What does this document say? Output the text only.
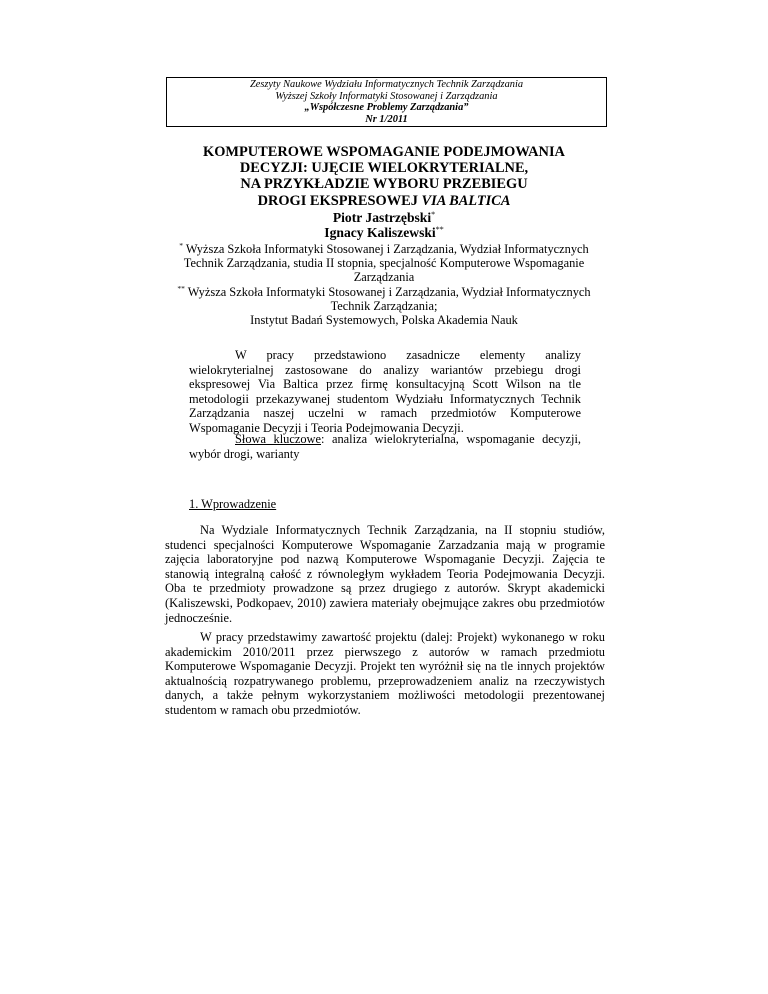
Zeszyty Naukowe Wydziału Informatycznych Technik Zarządzania
Wyższej Szkoły Informatyki Stosowanej i Zarządzania
„Współczesne Problemy Zarządzania”
Nr 1/2011
KOMPUTEROWE WSPOMAGANIE PODEJMOWANIA
DECYZJI: UJĘCIE WIELOKRYTERIALNE,
NA PRZYKŁADZIE WYBORU PRZEBIEGU
DROGI EKSPRESOWEJ VIA BALTICA
Piotr Jastrzębski*
Ignacy Kaliszewski**
* Wyższa Szkoła Informatyki Stosowanej i Zarządzania, Wydział Informatycznych
Technik Zarządzania, studia II stopnia, specjalność Komputerowe Wspomaganie
Zarządzania
** Wyższa Szkoła Informatyki Stosowanej i Zarządzania, Wydział Informatycznych
Technik Zarządzania;
Instytut Badań Systemowych, Polska Akademia Nauk

W pracy przedstawiono zasadnicze elementy analizy wielokryterialnej zastosowane do analizy wariantów przebiegu drogi ekspresowej Via Baltica przez firmę konsultacyjną Scott Wilson na tle metodologii przekazywanej studentom Wydziału Informatycznych Technik Zarządzania naszej uczelni w ramach przedmiotów Komputerowe Wspomaganie Decyzji i Teoria Podejmowania Decyzji.

Słowa kluczowe: analiza wielokryterialna, wspomaganie decyzji, wybór drogi, warianty

1. Wprowadzenie

Na Wydziale Informatycznych Technik Zarządzania, na II stopniu studiów, studenci specjalności Komputerowe Wspomaganie Zarzadzania mają w programie zajęcia laboratoryjne pod nazwą Komputerowe Wspomaganie Decyzji. Zajęcia te stanowią integralną całość z równoległym wykładem Teoria Podejmowania Decyzji. Oba te przedmioty prowadzone są przez drugiego z autorów. Skrypt akademicki (Kaliszewski, Podkopaev, 2010) zawiera materiały obejmujące zakres obu przedmiotów jednocześnie.

W pracy przedstawimy zawartość projektu (dalej: Projekt) wykonanego w roku akademickim 2010/2011 przez pierwszego z autorów w ramach przedmiotu Komputerowe Wspomaganie Decyzji. Projekt ten wyróżnił się na tle innych projektów aktualnością rozpatrywanego problemu, przeprowadzeniem analiz na rzeczywistych danych, a także pełnym wykorzystaniem możliwości metodologii prezentowanej studentom w ramach obu przedmiotów.
